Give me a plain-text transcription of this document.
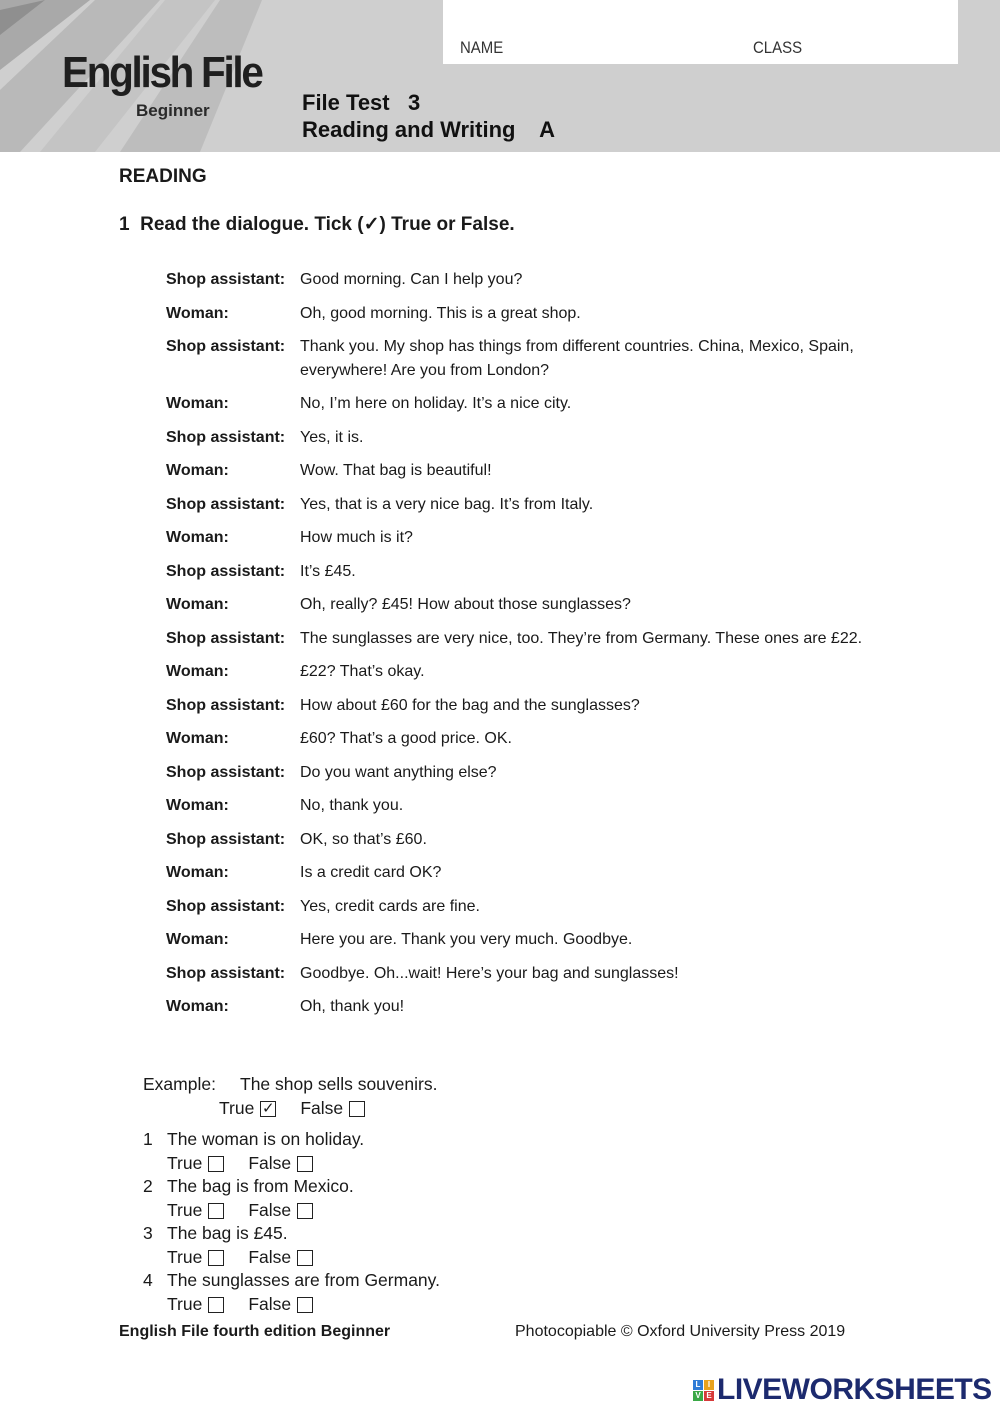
English File
Beginner
NAME	CLASS
File Test   3
Reading and Writing    A
READING
1  Read the dialogue. Tick (✓) True or False.
Shop assistant: Good morning. Can I help you?
Woman:	Oh, good morning. This is a great shop.
Shop assistant: Thank you. My shop has things from different countries. China, Mexico, Spain, everywhere! Are you from London?
Woman:	No, I’m here on holiday. It’s a nice city.
Shop assistant: Yes, it is.
Woman:	Wow. That bag is beautiful!
Shop assistant: Yes, that is a very nice bag. It’s from Italy.
Woman:	How much is it?
Shop assistant: It’s £45.
Woman:	Oh, really? £45! How about those sunglasses?
Shop assistant: The sunglasses are very nice, too. They’re from Germany. These ones are £22.
Woman:	£22? That’s okay.
Shop assistant: How about £60 for the bag and the sunglasses?
Woman:	£60? That’s a good price. OK.
Shop assistant: Do you want anything else?
Woman:	No, thank you.
Shop assistant: OK, so that’s £60.
Woman:	Is a credit card OK?
Shop assistant: Yes, credit cards are fine.
Woman:	Here you are. Thank you very much. Goodbye.
Shop assistant: Goodbye. Oh...wait! Here’s your bag and sunglasses!
Woman:	Oh, thank you!
Example:	The shop sells souvenirs.
True ✓ False
1 The woman is on holiday.
True	False
2 The bag is from Mexico.
True	False
3 The bag is £45.
True	False
4 The sunglasses are from Germany.
True	False
English File fourth edition Beginner	Photocopiable © Oxford University Press 2019
L I
V E LIVEWORKSHEETS
